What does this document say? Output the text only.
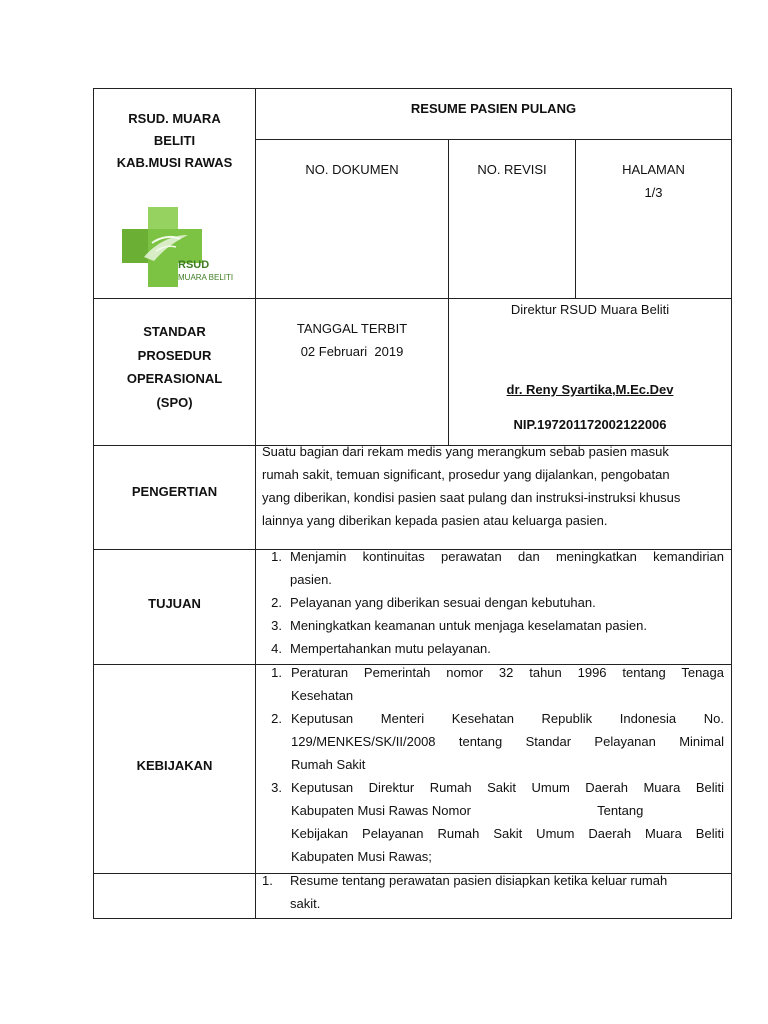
RSUD. MUARA
BELITI
KAB.MUSI RAWAS
RSUD
MUARA BELITI
RESUME PASIEN PULANG
NO. DOKUMEN	NO. REVISI	HALAMAN
1/3
STANDAR
PROSEDUR
OPERASIONAL
(SPO)
TANGGAL TERBIT
02 Februari  2019
Direktur RSUD Muara Beliti
dr. Reny Syartika,M.Ec.Dev
NIP.197201172002122006
PENGERTIAN
Suatu bagian dari rekam medis yang merangkum sebab pasien masuk
rumah sakit, temuan significant, prosedur yang dijalankan, pengobatan
yang diberikan, kondisi pasien saat pulang dan instruksi-instruksi khusus
lainnya yang diberikan kepada pasien atau keluarga pasien.
TUJUAN
1. Menjamin kontinuitas perawatan dan meningkatkan kemandirian
pasien.
2. Pelayanan yang diberikan sesuai dengan kebutuhan.
3. Meningkatkan keamanan untuk menjaga keselamatan pasien.
4. Mempertahankan mutu pelayanan.
KEBIJAKAN
1. Peraturan Pemerintah nomor 32 tahun 1996 tentang Tenaga
Kesehatan
2. Keputusan Menteri Kesehatan Republik Indonesia No.
129/MENKES/SK/II/2008 tentang Standar Pelayanan Minimal
Rumah Sakit
3. Keputusan Direktur Rumah Sakit Umum Daerah Muara Beliti
Kabupaten Musi Rawas Nomor                                   Tentang
Kebijakan Pelayanan Rumah Sakit Umum Daerah Muara Beliti
Kabupaten Musi Rawas;
1. Resume tentang perawatan pasien disiapkan ketika keluar rumah
sakit.
